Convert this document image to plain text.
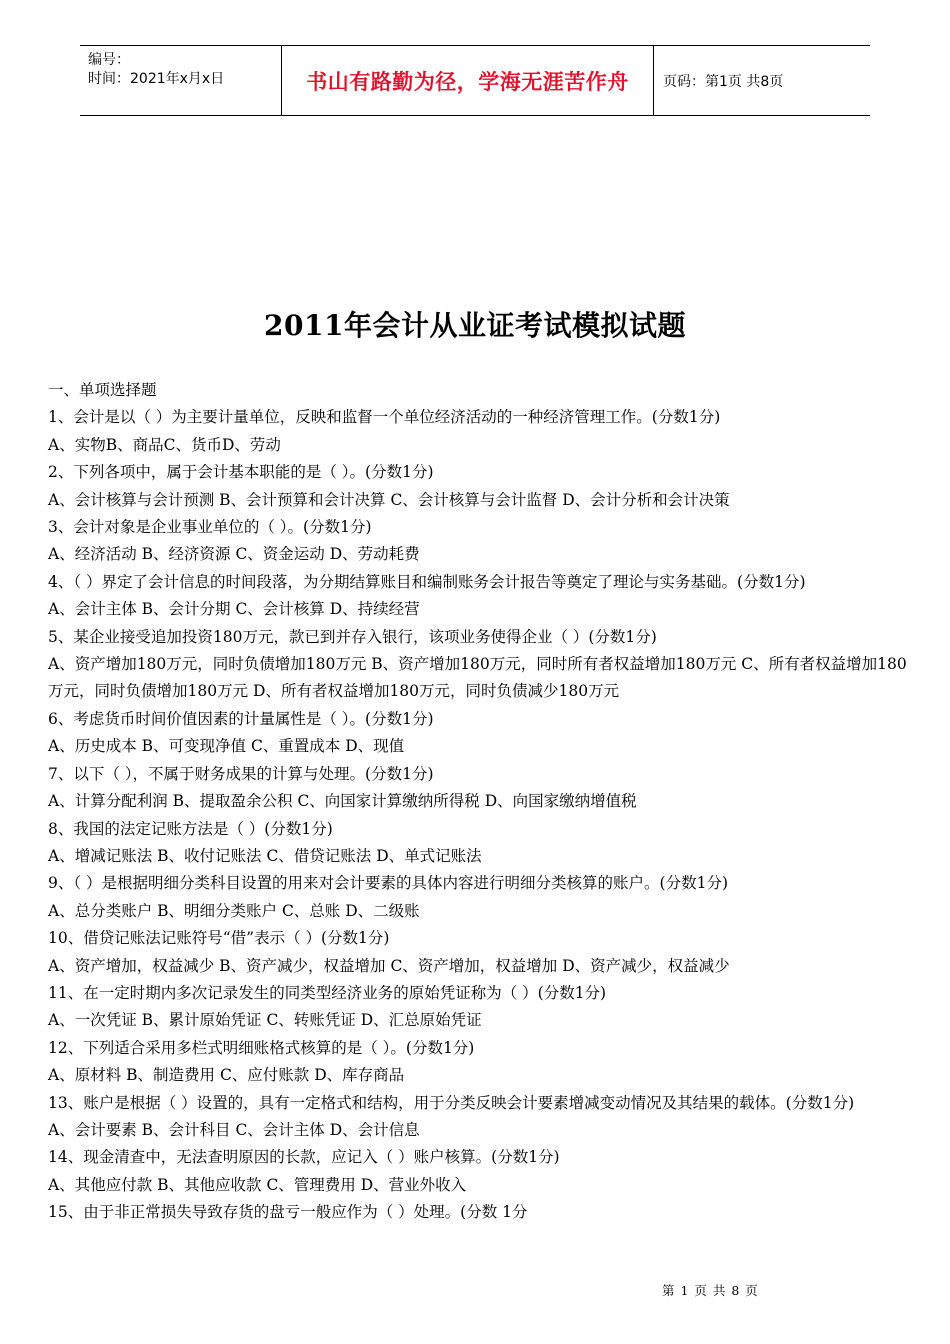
编号：
时间：2021年x月x日	书山有路勤为径，学海无涯苦作舟 页码：第1页 共8页
2011年会计从业证考试模拟试题
一、单项选择题
1、会计是以（ ）为主要计量单位，反映和监督一个单位经济活动的一种经济管理工作。(分数1分)
A、实物B、商品C、货币D、劳动
2、下列各项中，属于会计基本职能的是（ ）。(分数1分)
A、会计核算与会计预测 B、会计预算和会计决算 C、会计核算与会计监督 D、会计分析和会计决策
3、会计对象是企业事业单位的（ ）。(分数1分)
A、经济活动 B、经济资源 C、资金运动 D、劳动耗费
4、（ ）界定了会计信息的时间段落，为分期结算账目和编制账务会计报告等奠定了理论与实务基础。(分数1分)
A、会计主体 B、会计分期 C、会计核算 D、持续经营
5、某企业接受追加投资180万元，款已到并存入银行，该项业务使得企业（ ）(分数1分)
A、资产增加180万元，同时负债增加180万元 B、资产增加180万元，同时所有者权益增加180万元 C、所有者权益增加180万元，同时负债增加180万元 D、所有者权益增加180万元，同时负债减少180万元
6、考虑货币时间价值因素的计量属性是（ ）。(分数1分)
A、历史成本 B、可变现净值 C、重置成本 D、现值
7、以下（ ），不属于财务成果的计算与处理。(分数1分)
A、计算分配利润 B、提取盈余公积 C、向国家计算缴纳所得税 D、向国家缴纳增值税
8、我国的法定记账方法是（ ）(分数1分)
A、增减记账法 B、收付记账法 C、借贷记账法 D、单式记账法
9、（ ）是根据明细分类科目设置的用来对会计要素的具体内容进行明细分类核算的账户。(分数1分)
A、总分类账户 B、明细分类账户 C、总账 D、二级账
10、借贷记账法记账符号“借”表示（ ）(分数1分)
A、资产增加，权益减少 B、资产减少，权益增加 C、资产增加，权益增加 D、资产减少，权益减少
11、在一定时期内多次记录发生的同类型经济业务的原始凭证称为（ ）(分数1分)
A、一次凭证 B、累计原始凭证 C、转账凭证 D、汇总原始凭证
12、下列适合采用多栏式明细账格式核算的是（ ）。(分数1分)
A、原材料 B、制造费用 C、应付账款 D、库存商品
13、账户是根据（ ）设置的，具有一定格式和结构，用于分类反映会计要素增减变动情况及其结果的载体。(分数1分)
A、会计要素 B、会计科目 C、会计主体 D、会计信息
14、现金清查中，无法查明原因的长款，应记入（ ）账户核算。(分数1分)
A、其他应付款 B、其他应收款 C、管理费用 D、营业外收入
15、由于非正常损失导致存货的盘亏一般应作为（ ）处理。(分数 1分
第 1 页 共 8 页
